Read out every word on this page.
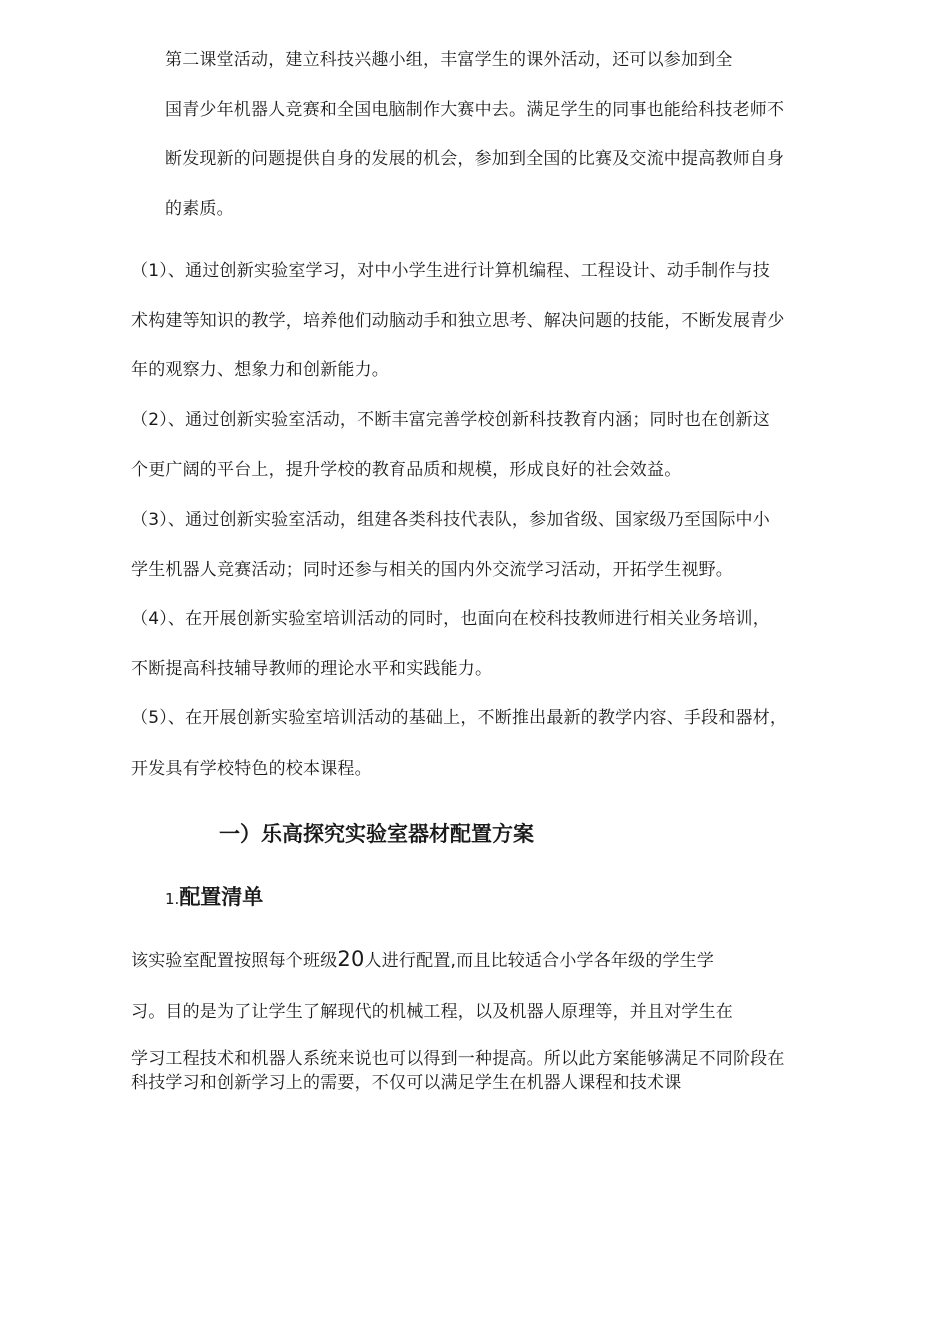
第二课堂活动，建立科技兴趣小组，丰富学生的课外活动，还可以参加到全
国青少年机器人竞赛和全国电脑制作大赛中去。满足学生的同事也能给科技老师不
断发现新的问题提供自身的发展的机会，参加到全国的比赛及交流中提高教师自身
的素质。
（1）、通过创新实验室学习，对中小学生进行计算机编程、工程设计、动手制作与技
术构建等知识的教学，培养他们动脑动手和独立思考、解决问题的技能，不断发展青少
年的观察力、想象力和创新能力。
（2）、通过创新实验室活动，不断丰富完善学校创新科技教育内涵；同时也在创新这
个更广阔的平台上，提升学校的教育品质和规模，形成良好的社会效益。
（3）、通过创新实验室活动，组建各类科技代表队，参加省级、国家级乃至国际中小
学生机器人竞赛活动；同时还参与相关的国内外交流学习活动，开拓学生视野。
（4）、在开展创新实验室培训活动的同时，也面向在校科技教师进行相关业务培训，
不断提高科技辅导教师的理论水平和实践能力。
（5）、在开展创新实验室培训活动的基础上，不断推出最新的教学内容、手段和器材，
开发具有学校特色的校本课程。
一）乐高探究实验室器材配置方案
1.配置清单
该实验室配置按照每个班级20人进行配置,而且比较适合小学各年级的学生学
习。目的是为了让学生了解现代的机械工程，以及机器人原理等，并且对学生在
学习工程技术和机器人系统来说也可以得到一种提高。所以此方案能够满足不同阶段在
科技学习和创新学习上的需要，不仅可以满足学生在机器人课程和技术课
